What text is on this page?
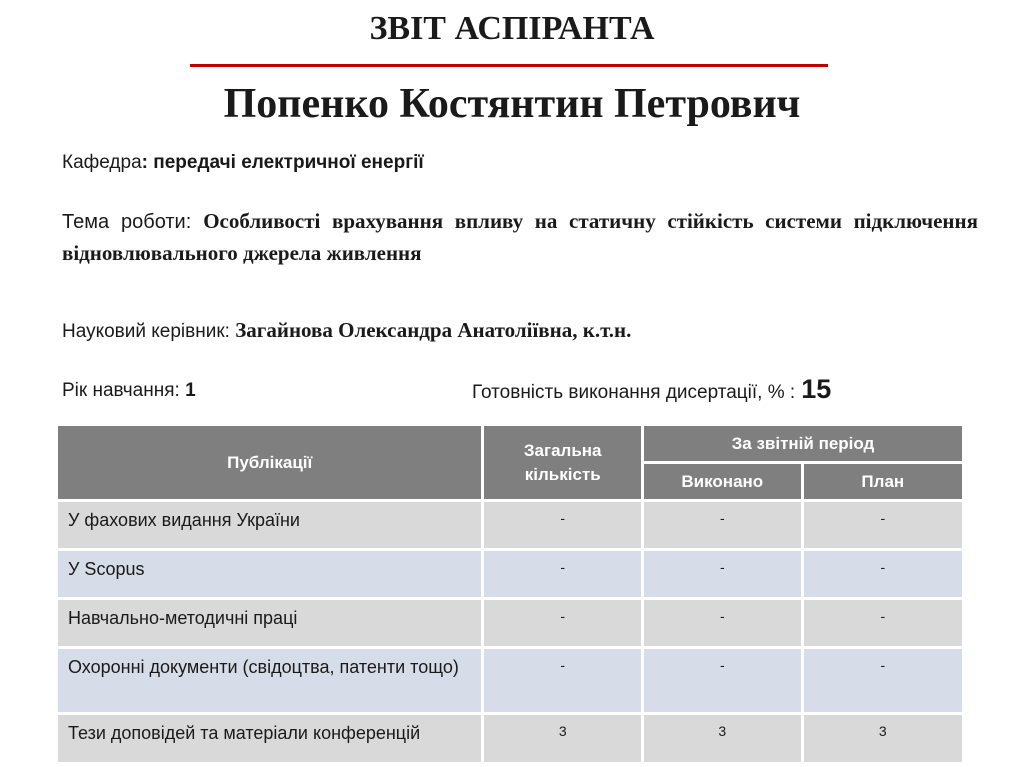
ЗВІТ АСПІРАНТА
Попенко Костянтин Петрович
Кафедра: передачі електричної енергії
Тема роботи: Особливості врахування впливу на статичну стійкість системи підключення відновлювального джерела живлення
Науковий керівник: Загайнова Олександра Анатоліївна, к.т.н.
Рік навчання: 1	Готовність виконання дисертації, % : 15
Публікації	Загальна кількість	За звітній період	
		Виконано	План
У фахових видання України	-	-	-
У Scopus	-	-	-
Навчально-методичні праці	-	-	-
Охоронні документи (свідоцтва, патенти тощо)	-	-	-
Тези доповідей та матеріали конференцій	3	3	3
